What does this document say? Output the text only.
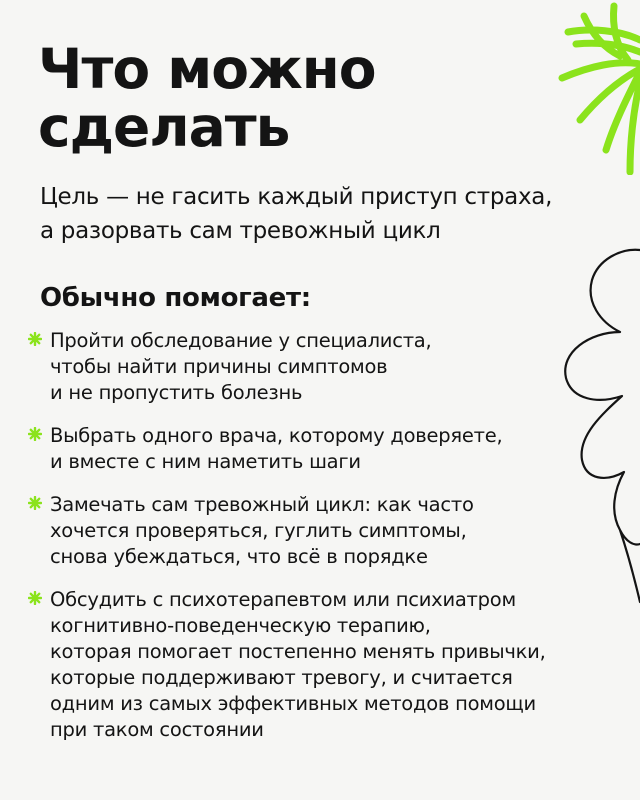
Что можно сделать

Цель — не гасить каждый приступ страха,
а разорвать сам тревожный цикл

Обычно помогает:
Пройти обследование у специалиста,
чтобы найти причины симптомов
и не пропустить болезнь
Выбрать одного врача, которому доверяете,
и вместе с ним наметить шаги
Замечать сам тревожный цикл: как часто
хочется проверяться, гуглить симптомы,
снова убеждаться, что всё в порядке
Обсудить с психотерапевтом или психиатром
когнитивно-поведенческую терапию,
которая помогает постепенно менять привычки,
которые поддерживают тревогу, и считается
одним из самых эффективных методов помощи
при таком состоянии
